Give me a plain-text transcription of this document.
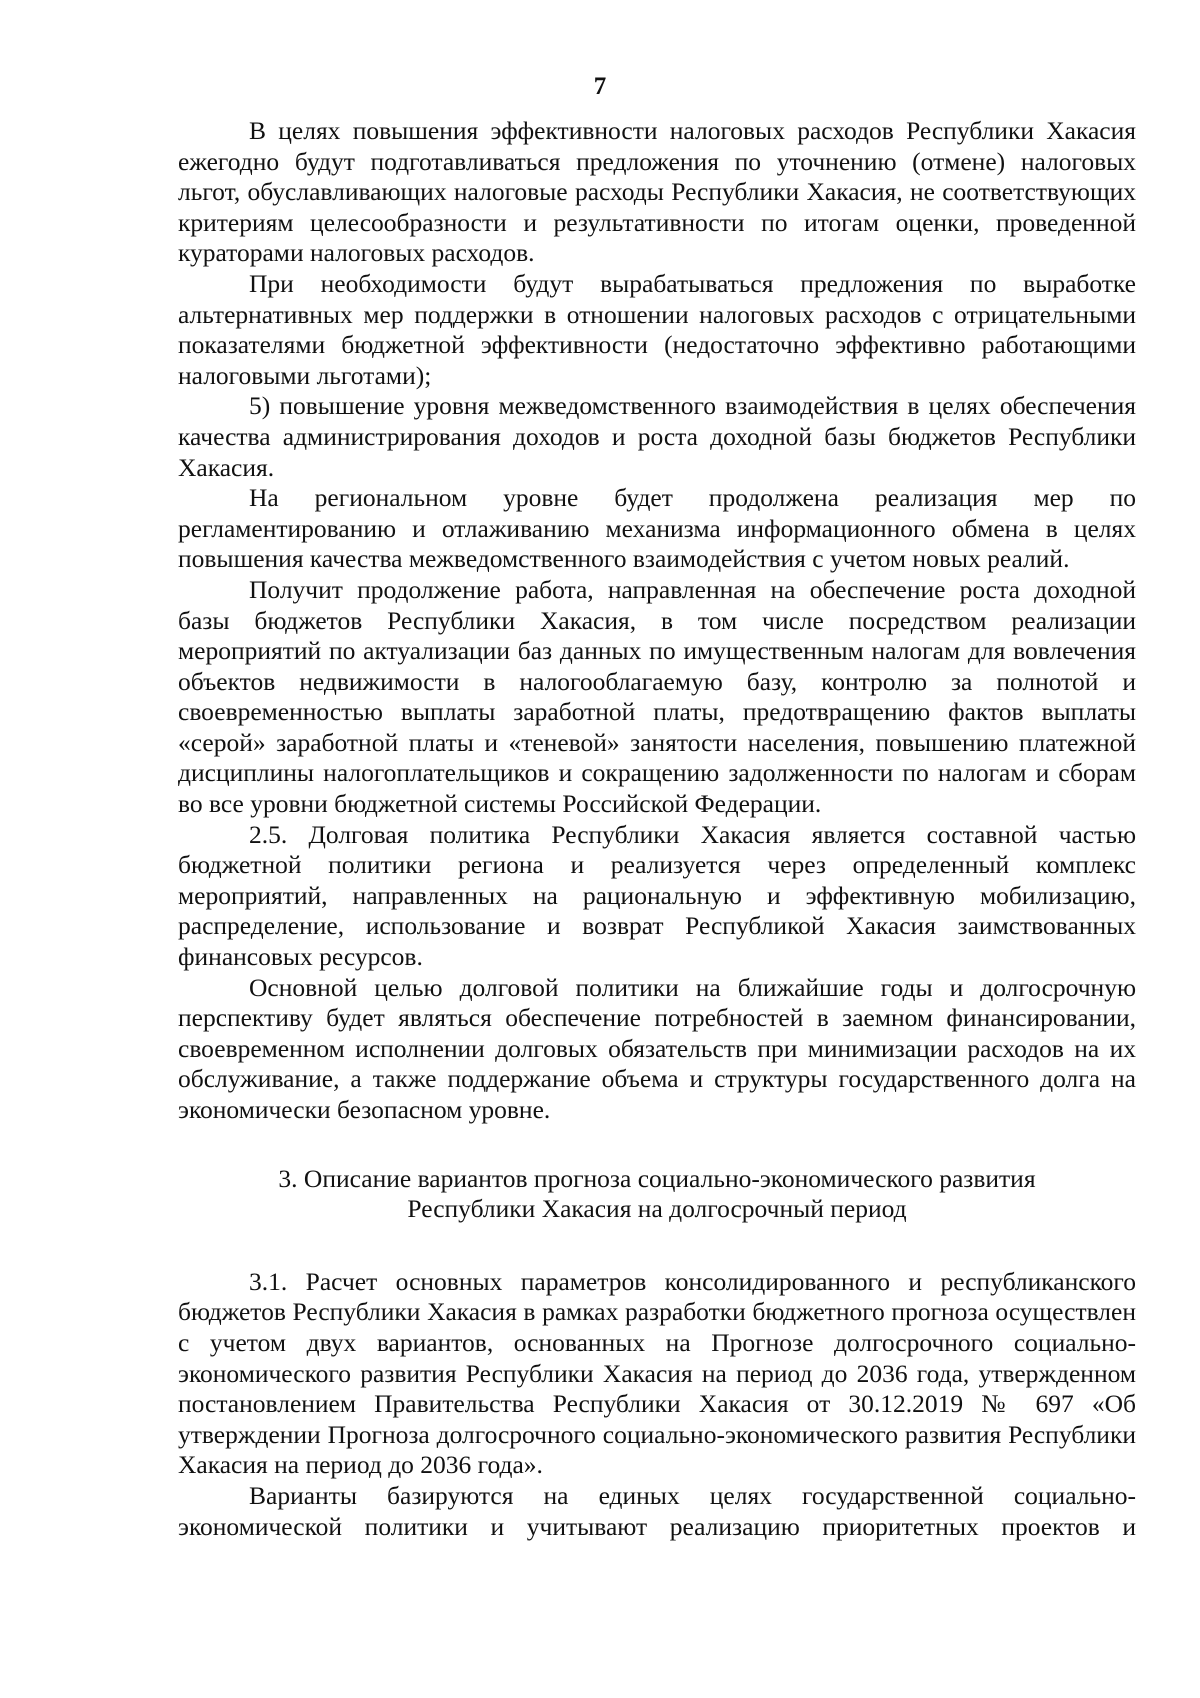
7

В целях повышения эффективности налоговых расходов Республики Хакасия ежегодно будут подготавливаться предложения по уточнению (отмене) налоговых льгот, обуславливающих налоговые расходы Республики Хакасия, не соответствующих критериям целесообразности и результативности по итогам оценки, проведенной кураторами налоговых расходов.

При необходимости будут вырабатываться предложения по выработке альтернативных мер поддержки в отношении налоговых расходов с отрицательными показателями бюджетной эффективности (недостаточно эффективно работающими налоговыми льготами);

5) повышение уровня межведомственного взаимодействия в целях обеспечения качества администрирования доходов и роста доходной базы бюджетов Республики Хакасия.

На региональном уровне будет продолжена реализация мер по регламентированию и отлаживанию механизма информационного обмена в целях повышения качества межведомственного взаимодействия с учетом новых реалий.

Получит продолжение работа, направленная на обеспечение роста доходной базы бюджетов Республики Хакасия, в том числе посредством реализации мероприятий по актуализации баз данных по имущественным налогам для вовлечения объектов недвижимости в налогооблагаемую базу, контролю за полнотой и своевременностью выплаты заработной платы, предотвращению фактов выплаты «серой» заработной платы и «теневой» занятости населения, повышению платежной дисциплины налогоплательщиков и сокращению задолженности по налогам и сборам во все уровни бюджетной системы Российской Федерации.

2.5. Долговая политика Республики Хакасия является составной частью бюджетной политики региона и реализуется через определенный комплекс мероприятий, направленных на рациональную и эффективную мобилизацию, распределение, использование и возврат Республикой Хакасия заимствованных финансовых ресурсов.

Основной целью долговой политики на ближайшие годы и долгосрочную перспективу будет являться обеспечение потребностей в заемном финансировании, своевременном исполнении долговых обязательств при минимизации расходов на их обслуживание, а также поддержание объема и структуры государственного долга на экономически безопасном уровне.

3. Описание вариантов прогноза социально-экономического развития
Республики Хакасия на долгосрочный период

3.1. Расчет основных параметров консолидированного и республиканского бюджетов Республики Хакасия в рамках разработки бюджетного прогноза осуществлен с учетом двух вариантов, основанных на Прогнозе долгосрочного социально-экономического развития Республики Хакасия на период до 2036 года, утвержденном постановлением Правительства Республики Хакасия от 30.12.2019 № 697 «Об утверждении Прогноза долгосрочного социально-экономического развития Республики Хакасия на период до 2036 года».

Варианты базируются на единых целях государственной социально-экономической политики и учитывают реализацию приоритетных проектов и
